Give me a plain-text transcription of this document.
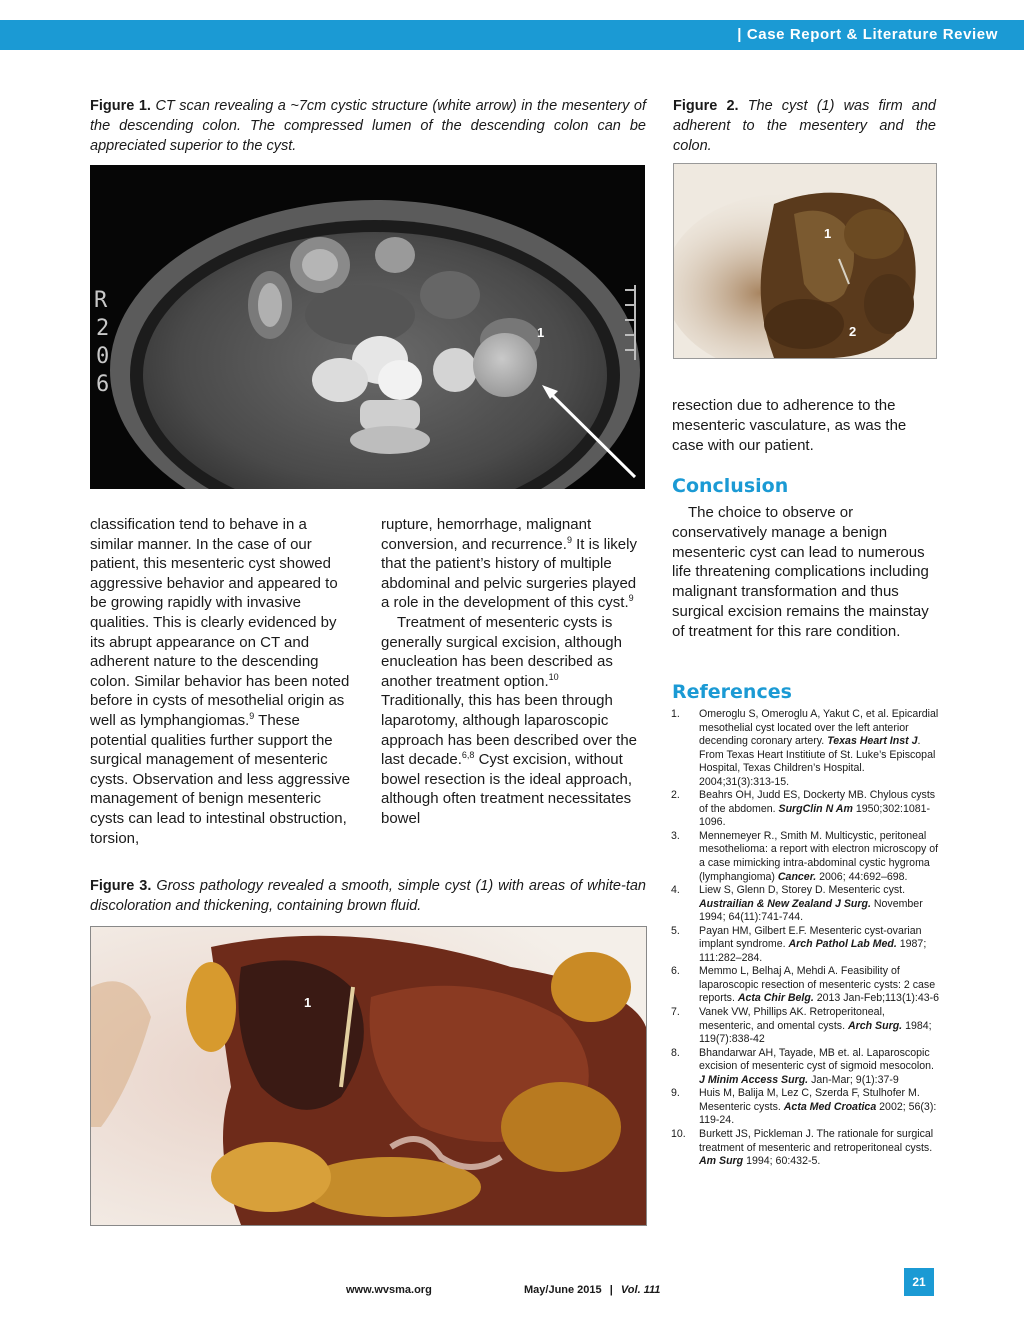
| Case Report & Literature Review
Figure 1. CT scan revealing a ~7cm cystic structure (white arrow) in the mesentery of the descending colon. The compressed lumen of the descending colon can be appreciated superior to the cyst.
R
2
0
6
1
Figure 2. The cyst (1) was firm and adherent to the mesentery and the colon.
1
2

resection due to adherence to the mesenteric vasculature, as was the case with our patient.

Conclusion

The choice to observe or conservatively manage a benign mesenteric cyst can lead to numerous life threatening complications including malignant transformation and thus surgical excision remains the mainstay of treatment for this rare condition.

References
1.	Omeroglu S, Omeroglu A, Yakut C, et al. Epicardial mesothelial cyst located over the left anterior decending coronary artery. Texas Heart Inst J. From Texas Heart Institiute of St. Luke’s Episcopal Hospital, Texas Children’s Hospital. 2004;31(3):313-15.
2.	Beahrs OH, Judd ES, Dockerty MB. Chylous cysts of the abdomen. SurgClin N Am 1950;302:1081-1096.
3.	Mennemeyer R., Smith M. Multicystic, peritoneal mesothelioma: a report with electron microscopy of a case mimicking intra-abdominal cystic hygroma (lymphangioma) Cancer. 2006; 44:692–698.
4.	Liew S, Glenn D, Storey D. Mesenteric cyst. Austrailian & New Zealand J Surg. November 1994; 64(11):741-744.
5.	Payan HM, Gilbert E.F. Mesenteric cyst-ovarian implant syndrome. Arch Pathol Lab Med. 1987; 111:282–284.
6.	Memmo L, Belhaj A, Mehdi A. Feasibility of laparoscopic resection of mesenteric cysts: 2 case reports. Acta Chir Belg. 2013 Jan-Feb;113(1):43-6
7.	Vanek VW, Phillips AK. Retroperitoneal, mesenteric, and omental cysts. Arch Surg. 1984; 119(7):838-42
8.	Bhandarwar AH, Tayade, MB et. al. Laparoscopic excision of mesenteric cyst of sigmoid mesocolon. J Minim Access Surg. Jan-Mar; 9(1):37-9
9.	Huis M, Balija M, Lez C, Szerda F, Stulhofer M. Mesenteric cysts. Acta Med Croatica 2002; 56(3): 119-24.
10.	Burkett JS, Pickleman J. The rationale for surgical treatment of mesenteric and retroperitoneal cysts. Am Surg 1994; 60:432-5.

classification tend to behave in a similar manner. In the case of our patient, this mesenteric cyst showed aggressive behavior and appeared to be growing rapidly with invasive qualities. This is clearly evidenced by its abrupt appearance on CT and adherent nature to the descending colon. Similar behavior has been noted before in cysts of mesothelial origin as well as lymphangiomas.$^9$ These potential qualities further support the surgical management of mesenteric cysts. Observation and less aggressive management of benign mesenteric cysts can lead to intestinal obstruction, torsion,

rupture, hemorrhage, malignant conversion, and recurrence.$^9$ It is likely that the patient’s history of multiple abdominal and pelvic surgeries played a role in the development of this cyst.$^9$

Treatment of mesenteric cysts is generally surgical excision, although enucleation has been described as another treatment option.$^{10}$ Traditionally, this has been through laparotomy, although laparoscopic approach has been described over the last decade.$^{6,8}$ Cyst excision, without bowel resection is the ideal approach, although often treatment necessitates bowel

Figure 3. Gross pathology revealed a smooth, simple cyst (1) with areas of white-tan discoloration and thickening, containing brown fluid.
1
www.wvsma.org	May/June 2015 | Vol. 111
21
